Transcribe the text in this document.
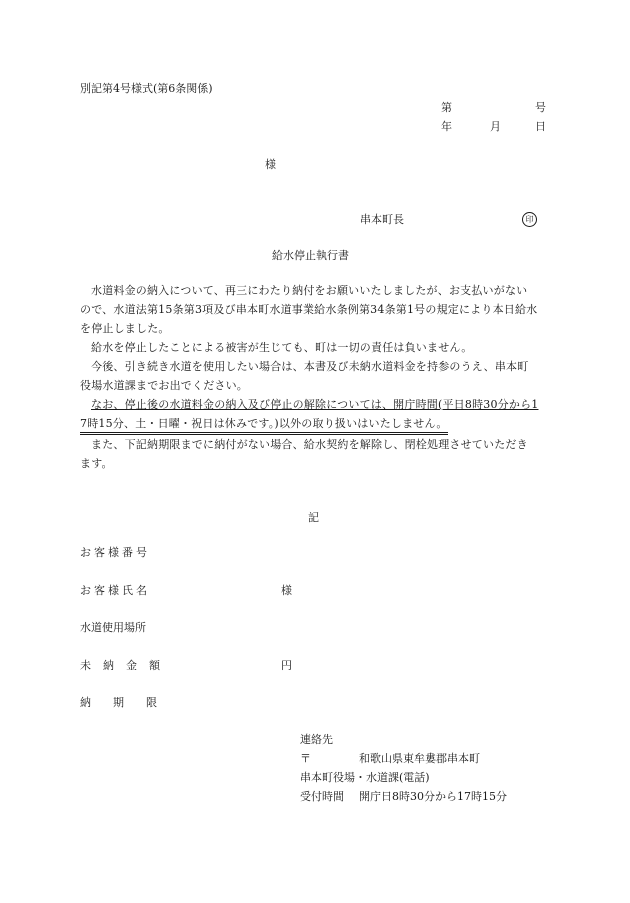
別記第4号様式(第6条関係)
第	号
年	月	日
様
串本町長	印
給水停止執行書
水道料金の納入について、再三にわたり納付をお願いいたしましたが、お支払いがない
ので、水道法第15条第3項及び串本町水道事業給水条例第34条第1号の規定により本日給水
を停止しました。
給水を停止したことによる被害が生じても、町は一切の責任は負いません。
今後、引き続き水道を使用したい場合は、本書及び未納水道料金を持参のうえ、串本町
役場水道課までお出でください。
なお、停止後の水道料金の納入及び停止の解除については、開庁時間(平日8時30分から1
7時15分、土・日曜・祝日は休みです。)以外の取り扱いはいたしません。
また、下記納期限までに納付がない場合、給水契約を解除し、閉栓処理させていただき
ます。
記
お客様番号
お客様氏名	様
水道使用場所
未納金額	円
納期限
連絡先
〒	和歌山県東牟婁郡串本町
串本町役場・水道課(電話)
受付時間 開庁日8時30分から17時15分
